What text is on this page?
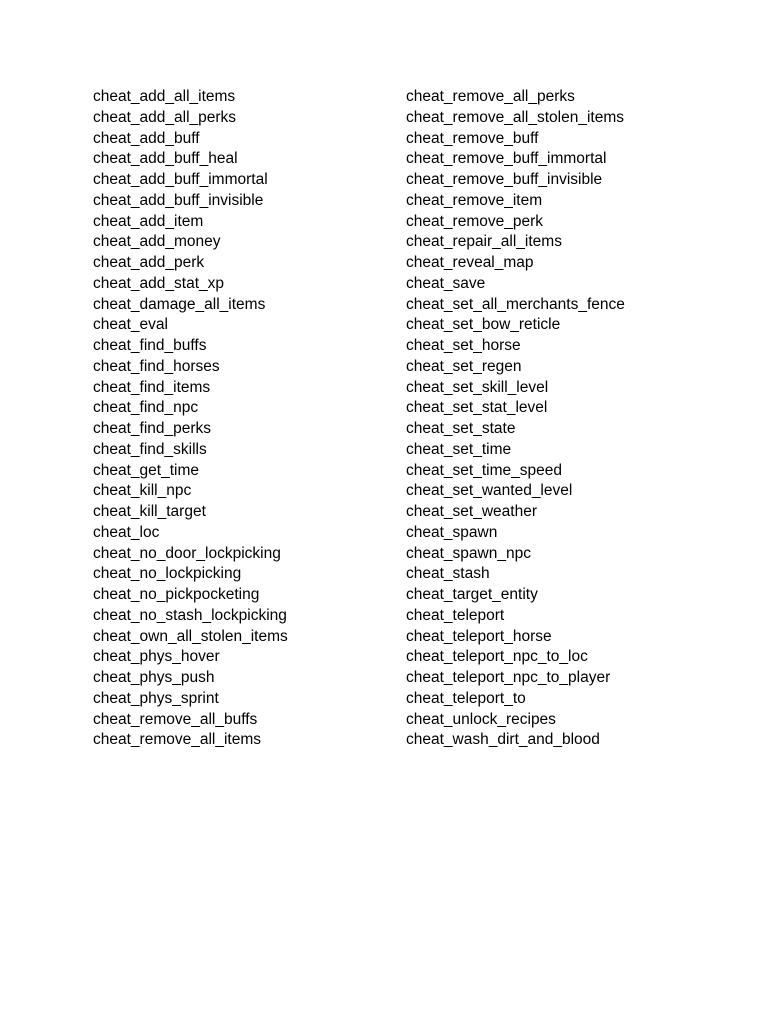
cheat_add_all_items
cheat_add_all_perks
cheat_add_buff
cheat_add_buff_heal
cheat_add_buff_immortal
cheat_add_buff_invisible
cheat_add_item
cheat_add_money
cheat_add_perk
cheat_add_stat_xp
cheat_damage_all_items
cheat_eval
cheat_find_buffs
cheat_find_horses
cheat_find_items
cheat_find_npc
cheat_find_perks
cheat_find_skills
cheat_get_time
cheat_kill_npc
cheat_kill_target
cheat_loc
cheat_no_door_lockpicking
cheat_no_lockpicking
cheat_no_pickpocketing
cheat_no_stash_lockpicking
cheat_own_all_stolen_items
cheat_phys_hover
cheat_phys_push
cheat_phys_sprint
cheat_remove_all_buffs
cheat_remove_all_items
cheat_remove_all_perks
cheat_remove_all_stolen_items
cheat_remove_buff
cheat_remove_buff_immortal
cheat_remove_buff_invisible
cheat_remove_item
cheat_remove_perk
cheat_repair_all_items
cheat_reveal_map
cheat_save
cheat_set_all_merchants_fence
cheat_set_bow_reticle
cheat_set_horse
cheat_set_regen
cheat_set_skill_level
cheat_set_stat_level
cheat_set_state
cheat_set_time
cheat_set_time_speed
cheat_set_wanted_level
cheat_set_weather
cheat_spawn
cheat_spawn_npc
cheat_stash
cheat_target_entity
cheat_teleport
cheat_teleport_horse
cheat_teleport_npc_to_loc
cheat_teleport_npc_to_player
cheat_teleport_to
cheat_unlock_recipes
cheat_wash_dirt_and_blood
